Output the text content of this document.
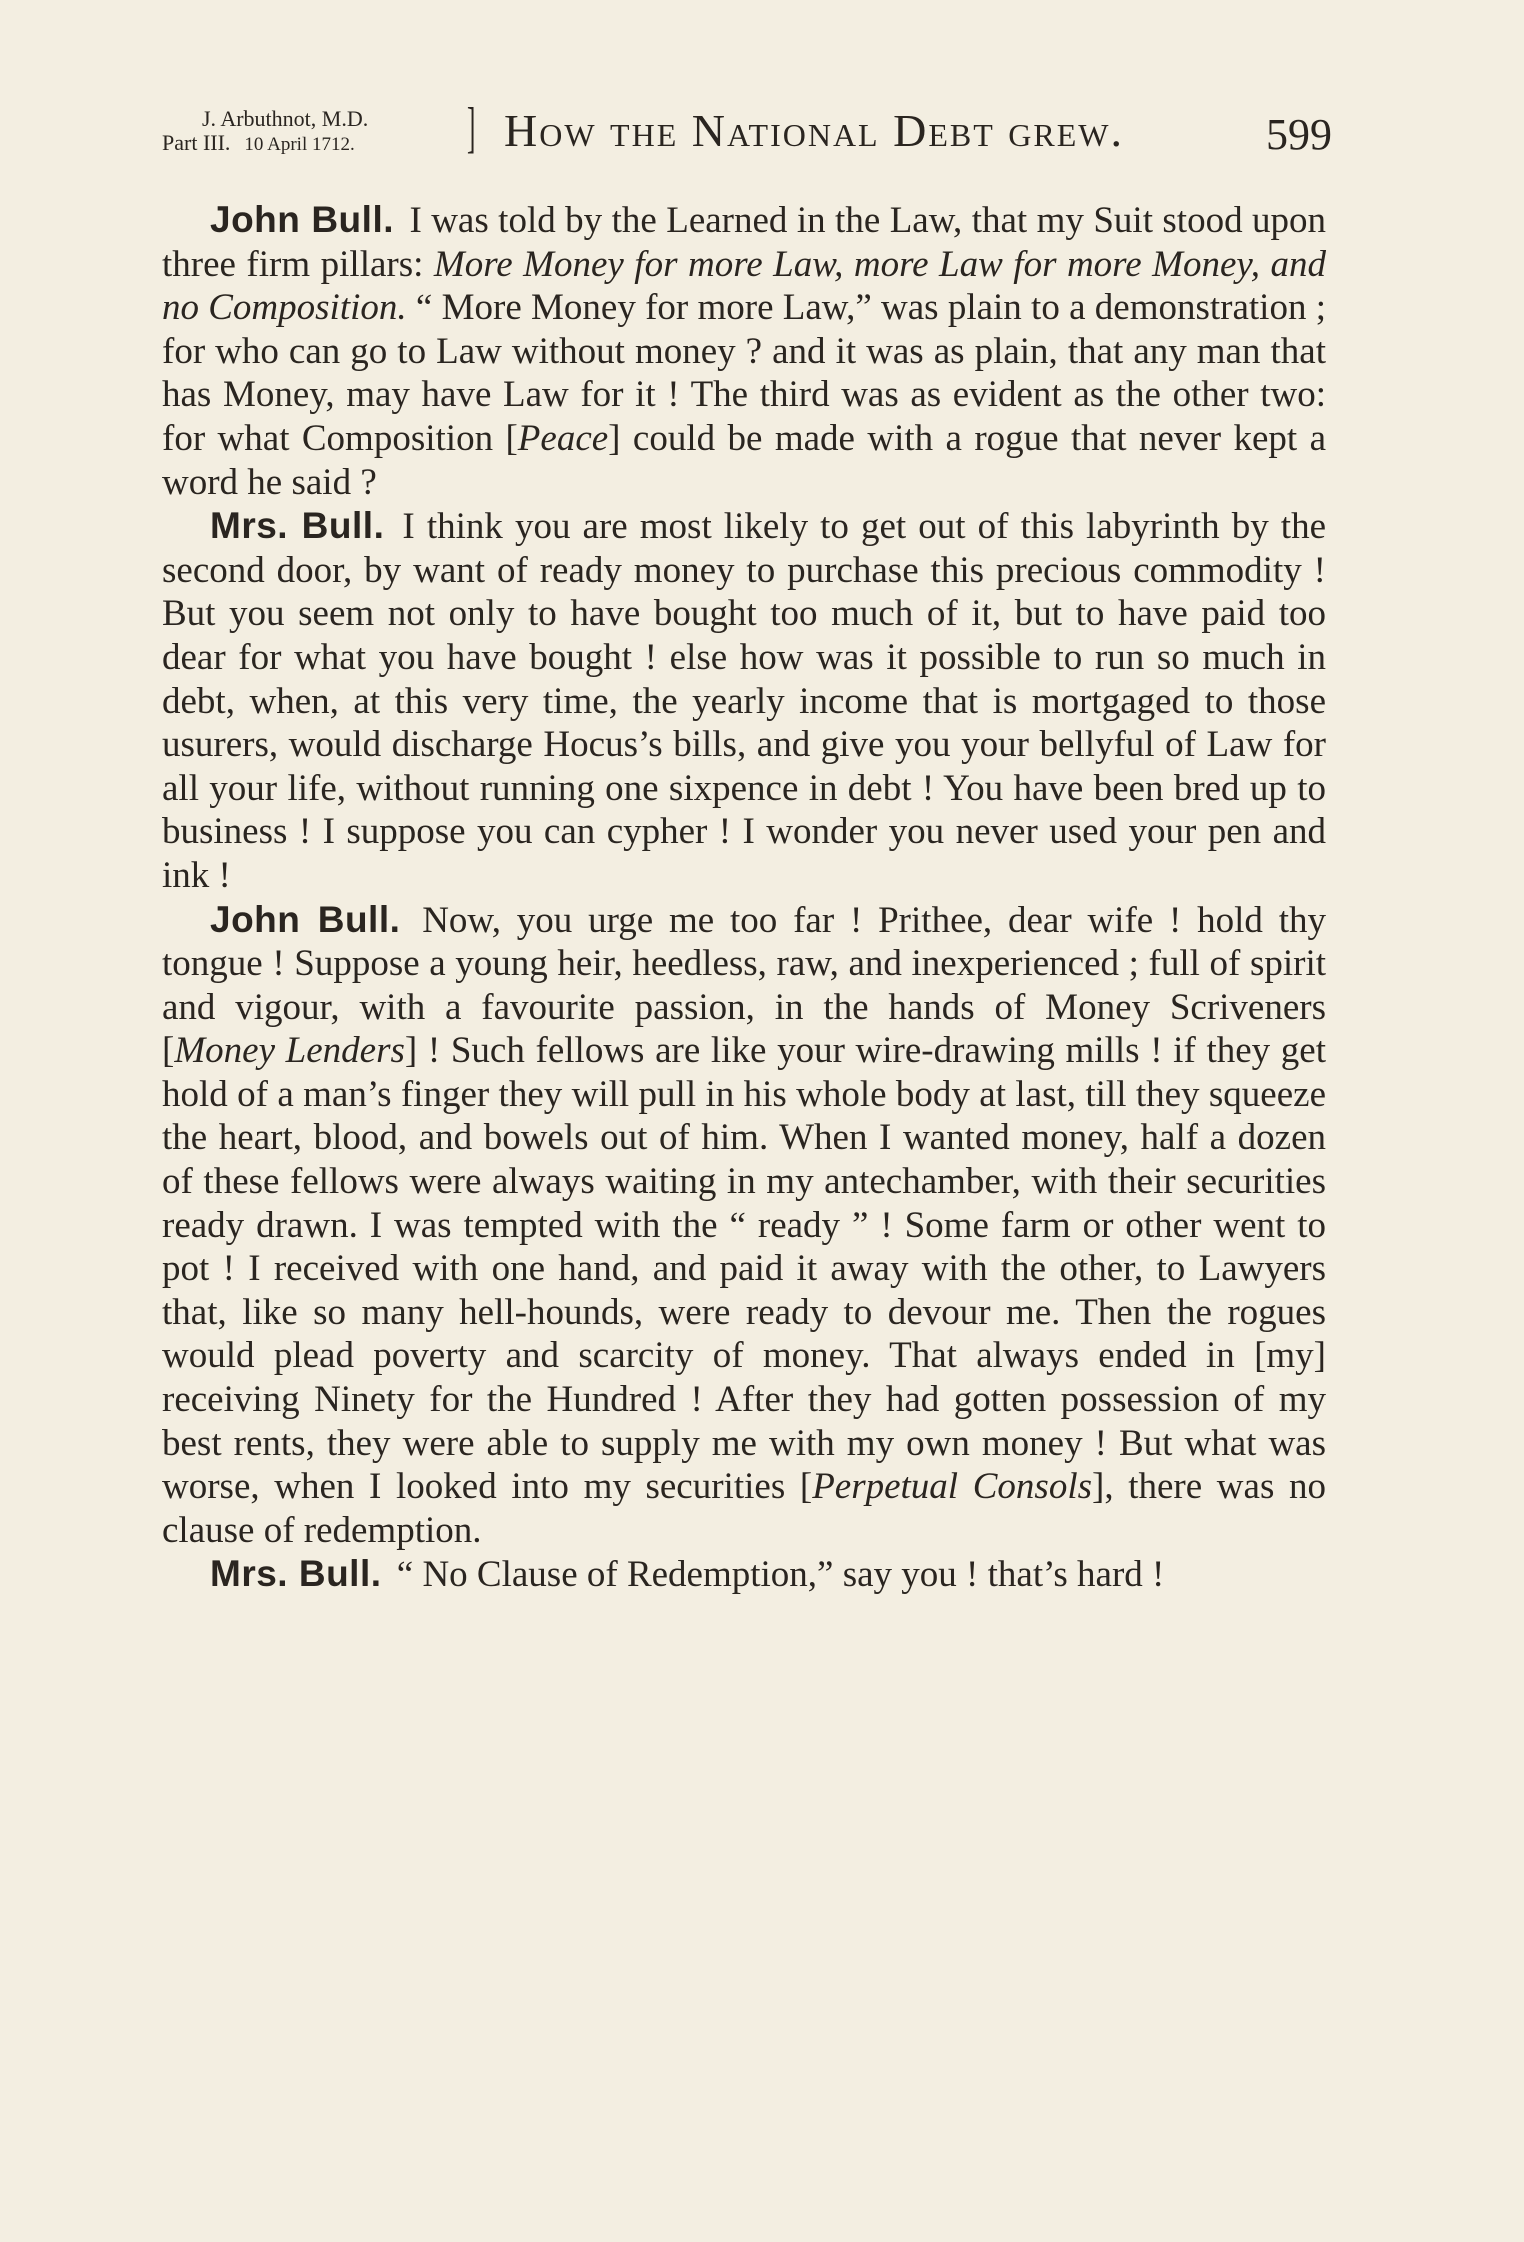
J. Arbuthnot, M.D.
Part III. 10 April 1712. ] How the National Debt grew.	599

John Bull. I was told by the Learned in the Law, that my Suit stood upon three firm pillars: More Money for more Law, more Law for more Money, and no Composition. “ More Money for more Law,” was plain to a demonstration ; for who can go to Law without money ? and it was as plain, that any man that has Money, may have Law for it ! The third was as evident as the other two: for what Composition [Peace] could be made with a rogue that never kept a word he said ?

Mrs. Bull. I think you are most likely to get out of this labyrinth by the second door, by want of ready money to purchase this precious commodity ! But you seem not only to have bought too much of it, but to have paid too dear for what you have bought ! else how was it possible to run so much in debt, when, at this very time, the yearly income that is mortgaged to those usurers, would discharge Hocus’s bills, and give you your bellyful of Law for all your life, without running one sixpence in debt ! You have been bred up to business ! I suppose you can cypher ! I wonder you never used your pen and ink !

John Bull. Now, you urge me too far ! Prithee, dear wife ! hold thy tongue ! Suppose a young heir, heedless, raw, and inexperienced ; full of spirit and vigour, with a favourite passion, in the hands of Money Scriveners [Money Lenders] ! Such fellows are like your wire-drawing mills ! if they get hold of a man’s finger they will pull in his whole body at last, till they squeeze the heart, blood, and bowels out of him. When I wanted money, half a dozen of these fellows were always waiting in my antechamber, with their securities ready drawn. I was tempted with the “ ready ” ! Some farm or other went to pot ! I received with one hand, and paid it away with the other, to Lawyers that, like so many hell-hounds, were ready to devour me. Then the rogues would plead poverty and scarcity of money. That always ended in [my] receiving Ninety for the Hundred ! After they had gotten possession of my best rents, they were able to supply me with my own money ! But what was worse, when I looked into my securities [Perpetual Consols], there was no clause of redemption.

Mrs. Bull. “ No Clause of Redemption,” say you ! that’s hard !
